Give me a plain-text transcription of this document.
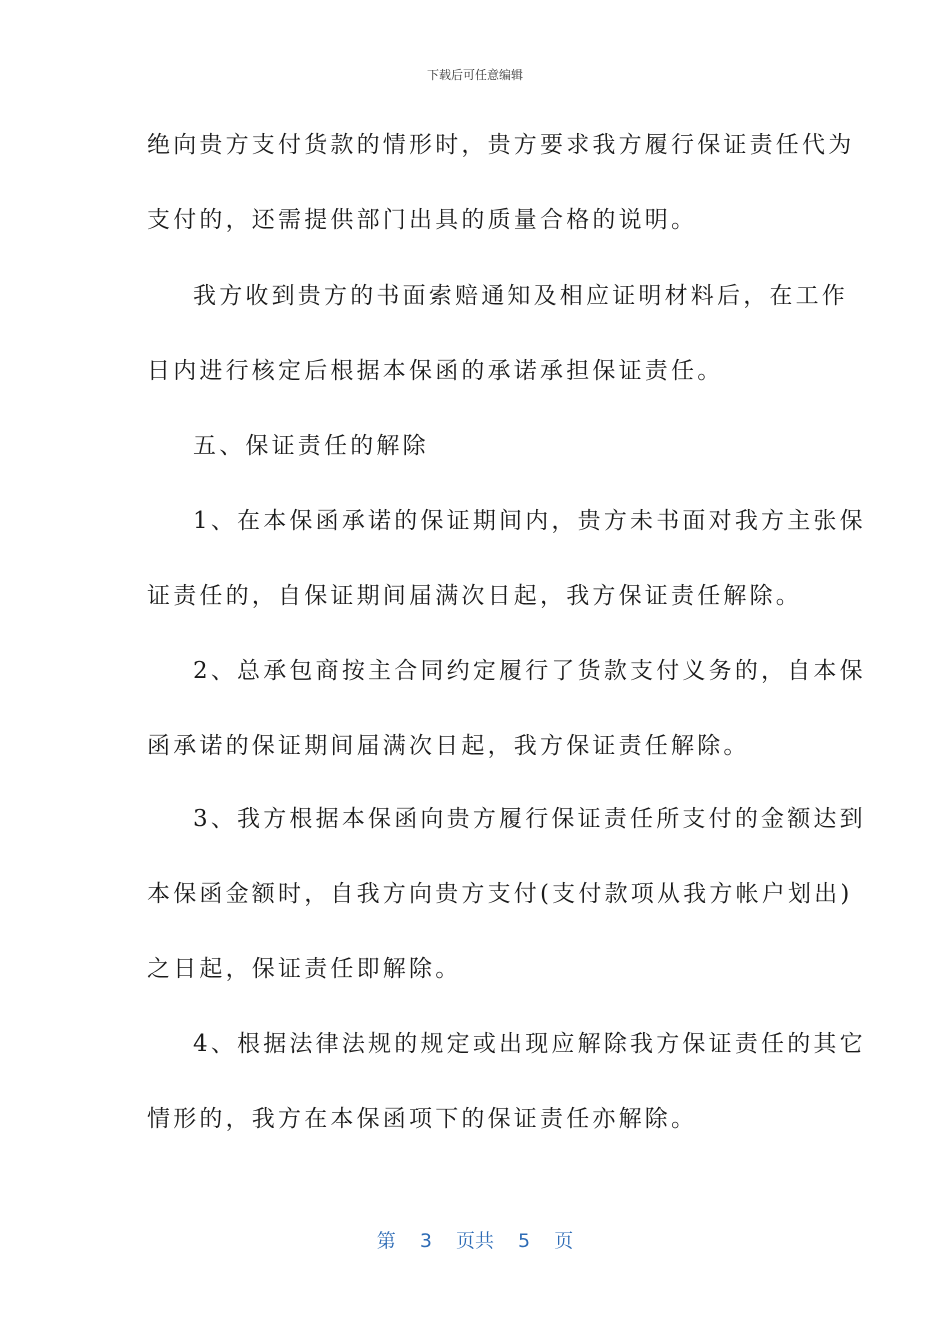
下载后可任意编辑
绝向贵方支付货款的情形时，贵方要求我方履行保证责任代为
支付的，还需提供部门出具的质量合格的说明。
我方收到贵方的书面索赔通知及相应证明材料后，在工作
日内进行核定后根据本保函的承诺承担保证责任。
五、保证责任的解除
1、在本保函承诺的保证期间内，贵方未书面对我方主张保
证责任的，自保证期间届满次日起，我方保证责任解除。
2、总承包商按主合同约定履行了货款支付义务的，自本保
函承诺的保证期间届满次日起，我方保证责任解除。
3、我方根据本保函向贵方履行保证责任所支付的金额达到
本保函金额时，自我方向贵方支付(支付款项从我方帐户划出)
之日起，保证责任即解除。
4、根据法律法规的规定或出现应解除我方保证责任的其它
情形的，我方在本保函项下的保证责任亦解除。
第 3 页共 5 页
